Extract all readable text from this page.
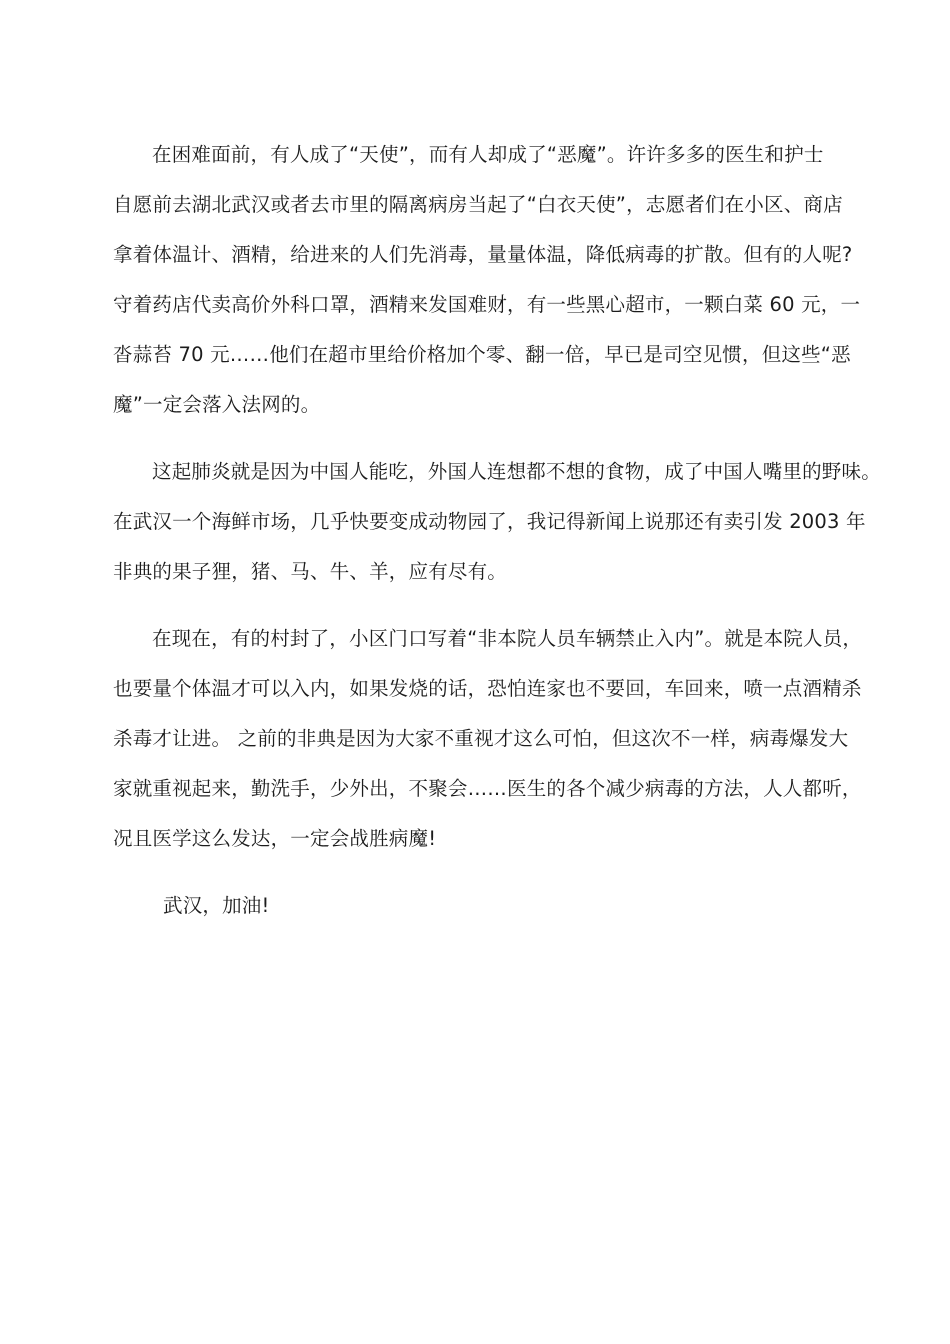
在困难面前，有人成了“天使”，而有人却成了“恶魔”。许许多多的医生和护士
自愿前去湖北武汉或者去市里的隔离病房当起了“白衣天使”，志愿者们在小区、商店
拿着体温计、酒精，给进来的人们先消毒，量量体温，降低病毒的扩散。但有的人呢?
守着药店代卖高价外科口罩，酒精来发国难财，有一些黑心超市，一颗白菜 60 元，一
沓蒜苔 70 元……他们在超市里给价格加个零、翻一倍，早已是司空见惯，但这些“恶
魔”一定会落入法网的。
这起肺炎就是因为中国人能吃，外国人连想都不想的食物，成了中国人嘴里的野味。
在武汉一个海鲜市场，几乎快要变成动物园了，我记得新闻上说那还有卖引发 2003 年
非典的果子狸，猪、马、牛、羊，应有尽有。
在现在，有的村封了，小区门口写着“非本院人员车辆禁止入内”。就是本院人员，
也要量个体温才可以入内，如果发烧的话，恐怕连家也不要回，车回来，喷一点酒精杀
杀毒才让进。 之前的非典是因为大家不重视才这么可怕，但这次不一样，病毒爆发大
家就重视起来，勤洗手，少外出，不聚会……医生的各个减少病毒的方法，人人都听，
况且医学这么发达，一定会战胜病魔!
武汉，加油!
